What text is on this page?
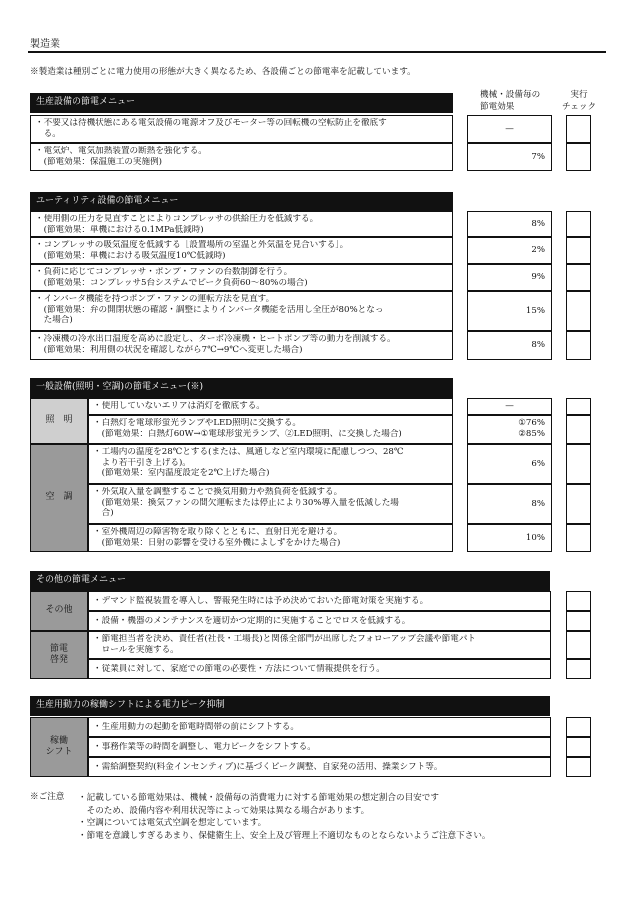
製造業
※製造業は種別ごとに電力使用の形態が大きく異なるため、各設備ごとの節電率を記載しています。
機械・設備毎の
節電効果
実行
チェック
生産設備の節電メニュー
・不要又は待機状態にある電気設備の電源オフ及びモーター等の回転機の空転防止を徹底す
　る。	—
・電気炉、電気加熱装置の断熱を強化する。
　(節電効果：保温施工の実施例)	7%
ユーティリティ設備の節電メニュー
・使用側の圧力を見直すことによりコンプレッサの供給圧力を低減する。
　(節電効果：単機における0.1MPa低減時)
8%
・コンプレッサの吸気温度を低減する［設置場所の室温と外気温を見合いする］。
　(節電効果：単機における吸気温度10℃低減時)
2%
・負荷に応じてコンプレッサ・ポンプ・ファンの台数制御を行う。
　(節電効果：コンプレッサ5台システムでピーク負荷60～80%の場合)
9%
・インバータ機能を持つポンプ・ファンの運転方法を見直す。
　(節電効果：弁の開閉状態の確認・調整によりインバータ機能を活用し全圧が80%となっ
　た場合)
15%
・冷凍機の冷水出口温度を高めに設定し、ターボ冷凍機・ヒートポンプ等の動力を削減する。
　(節電効果：利用側の状況を確認しながら7℃→9℃へ変更した場合)	8%
一般設備(照明・空調)の節電メニュー(※)
照　明
・使用していないエリアは消灯を徹底する。	—
・白熱灯を電球形蛍光ランプやLED照明に交換する。
　(節電効果：白熱灯60W→①電球形蛍光ランプ、②LED照明、に交換した場合)
①76%
②85%
空　調
・工場内の温度を28℃とする(または、風通しなど室内環境に配慮しつつ、28℃
　より若干引き上げる)。
　(節電効果：室内温度設定を2℃上げた場合)
6%
・外気取入量を調整することで換気用動力や熱負荷を低減する。
　(節電効果：換気ファンの間欠運転または停止により30%導入量を低減した場
　合)
8%
・室外機周辺の障害物を取り除くとともに、直射日光を避ける。
　(節電効果：日射の影響を受ける室外機によしずをかけた場合)	10%
その他の節電メニュー
その他
・デマンド監視装置を導入し、警報発生時には予め決めておいた節電対策を実施する。
・設備・機器のメンテナンスを適切かつ定期的に実施することでロスを低減する。
節電
啓発
・節電担当者を決め、責任者(社長・工場長)と関係全部門が出席したフォローアップ会議や節電パト
　ロールを実施する。
・従業員に対して、家庭での節電の必要性・方法について情報提供を行う。
生産用動力の稼働シフトによる電力ピーク抑制
稼働
シフト
・生産用動力の起動を節電時間帯の前にシフトする。
・事務作業等の時間を調整し、電力ピークをシフトする。
・需給調整契約(料金インセンティブ)に基づくピーク調整、自家発の活用、操業シフト等。
※ご注意 ・記載している節電効果は、機械・設備毎の消費電力に対する節電効果の想定割合の目安です
　そのため、設備内容や利用状況等によって効果は異なる場合があります。
・空調については電気式空調を想定しています。
・節電を意識しすぎるあまり、保健衛生上、安全上及び管理上不適切なものとならないようご注意下さい。
